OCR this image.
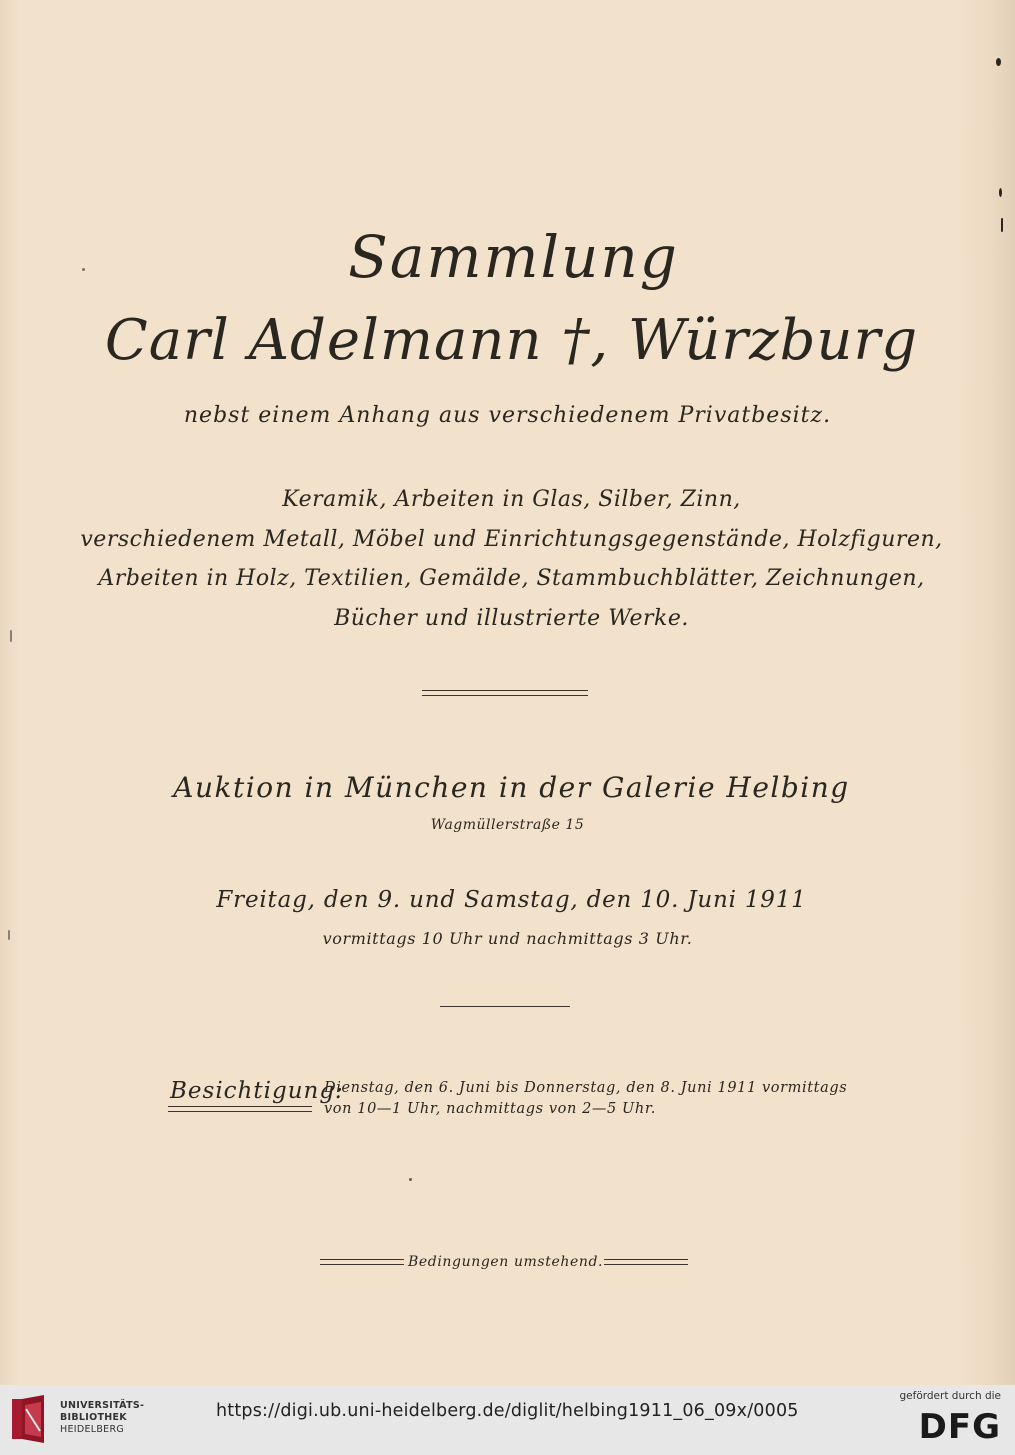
Sammlung
Carl Adelmann †, Würzburg
nebst einem Anhang aus verschiedenem Privatbesitz.
Keramik, Arbeiten in Glas, Silber, Zinn,
verschiedenem Metall, Möbel und Einrichtungsgegenstände, Holzfiguren,
Arbeiten in Holz, Textilien, Gemälde, Stammbuchblätter, Zeichnungen,
Bücher und illustrierte Werke.
Auktion in München in der Galerie Helbing
Wagmüllerstraße 15
Freitag, den 9. und Samstag, den 10. Juni 1911
vormittags 10 Uhr und nachmittags 3 Uhr.
Besichtigung:
Dienstag, den 6. Juni bis Donnerstag, den 8. Juni 1911 vormittags
von 10—1 Uhr, nachmittags von 2—5 Uhr.
Bedingungen umstehend.
UNIVERSITÄTS-
BIBLIOTHEK
HEIDELBERG
https://digi.ub.uni-heidelberg.de/diglit/helbing1911_06_09x/0005
gefördert durch die
DFG
